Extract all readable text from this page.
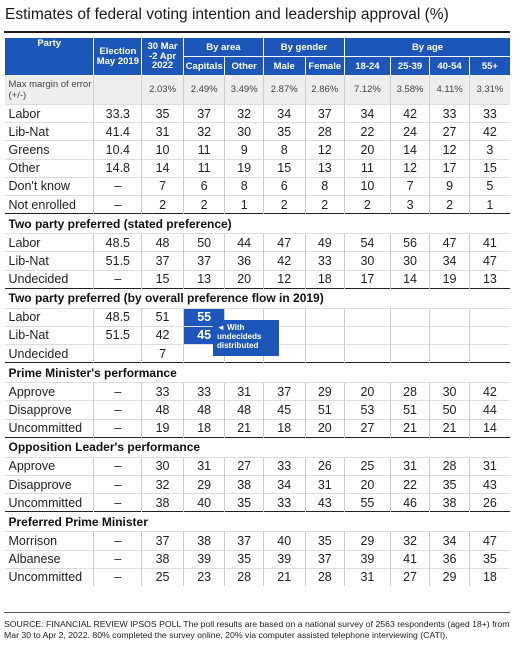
Estimates of federal voting intention and leadership approval (%)
Party	Election May 2019	30 Mar -2 Apr 2022	By area		By gender		By age			
			Capitals	Other	Male	Female	18-24	25-39	40-54	55+
Max margin of error (+/-)		2.03%	2.49%	3.49%	2.87%	2.86%	7.12%	3.58%	4.11%	3.31%
Labor	33.3	35	37	32	34	37	34	42	33	33
Lib-Nat	41.4	31	32	30	35	28	22	24	27	42
Greens	10.4	10	11	9	8	12	20	14	12	3
Other	14.8	14	11	19	15	13	11	12	17	15
Don't know	–	7	6	8	6	8	10	7	9	5
Not enrolled	–	2	2	1	2	2	2	3	2	1
Two party preferred (stated preference)										
Labor	48.5	48	50	44	47	49	54	56	47	41
Lib-Nat	51.5	37	37	36	42	33	30	30	34	47
Undecided	–	15	13	20	12	18	17	14	19	13
Two party preferred (by overall preference flow in 2019)										
Labor	48.5	51	55							
Lib-Nat	51.5	42	45							
Undecided		7								
Prime Minister's performance										
Approve	–	33	33	31	37	29	20	28	30	42
Disapprove	–	48	48	48	45	51	53	51	50	44
Uncommitted	–	19	18	21	18	20	27	21	21	14
Opposition Leader's performance										
Approve	–	30	31	27	33	26	25	31	28	31
Disapprove	–	32	29	38	34	31	20	22	35	43
Uncommitted	–	38	40	35	33	43	55	46	38	26
Preferred Prime Minister										
Morrison	–	37	38	37	40	35	29	32	34	47
Albanese	–	38	39	35	39	37	39	41	36	35
Uncommitted	–	25	23	28	21	28	31	27	29	18
◄ With undecideds distributed
SOURCE: FINANCIAL REVIEW IPSOS POLL The poll results are based on a national survey of 2563 respondents (aged 18+) from Mar 30 to Apr 2, 2022. 80% completed the survey online, 20% via computer assisted telephone interviewing (CATI).
